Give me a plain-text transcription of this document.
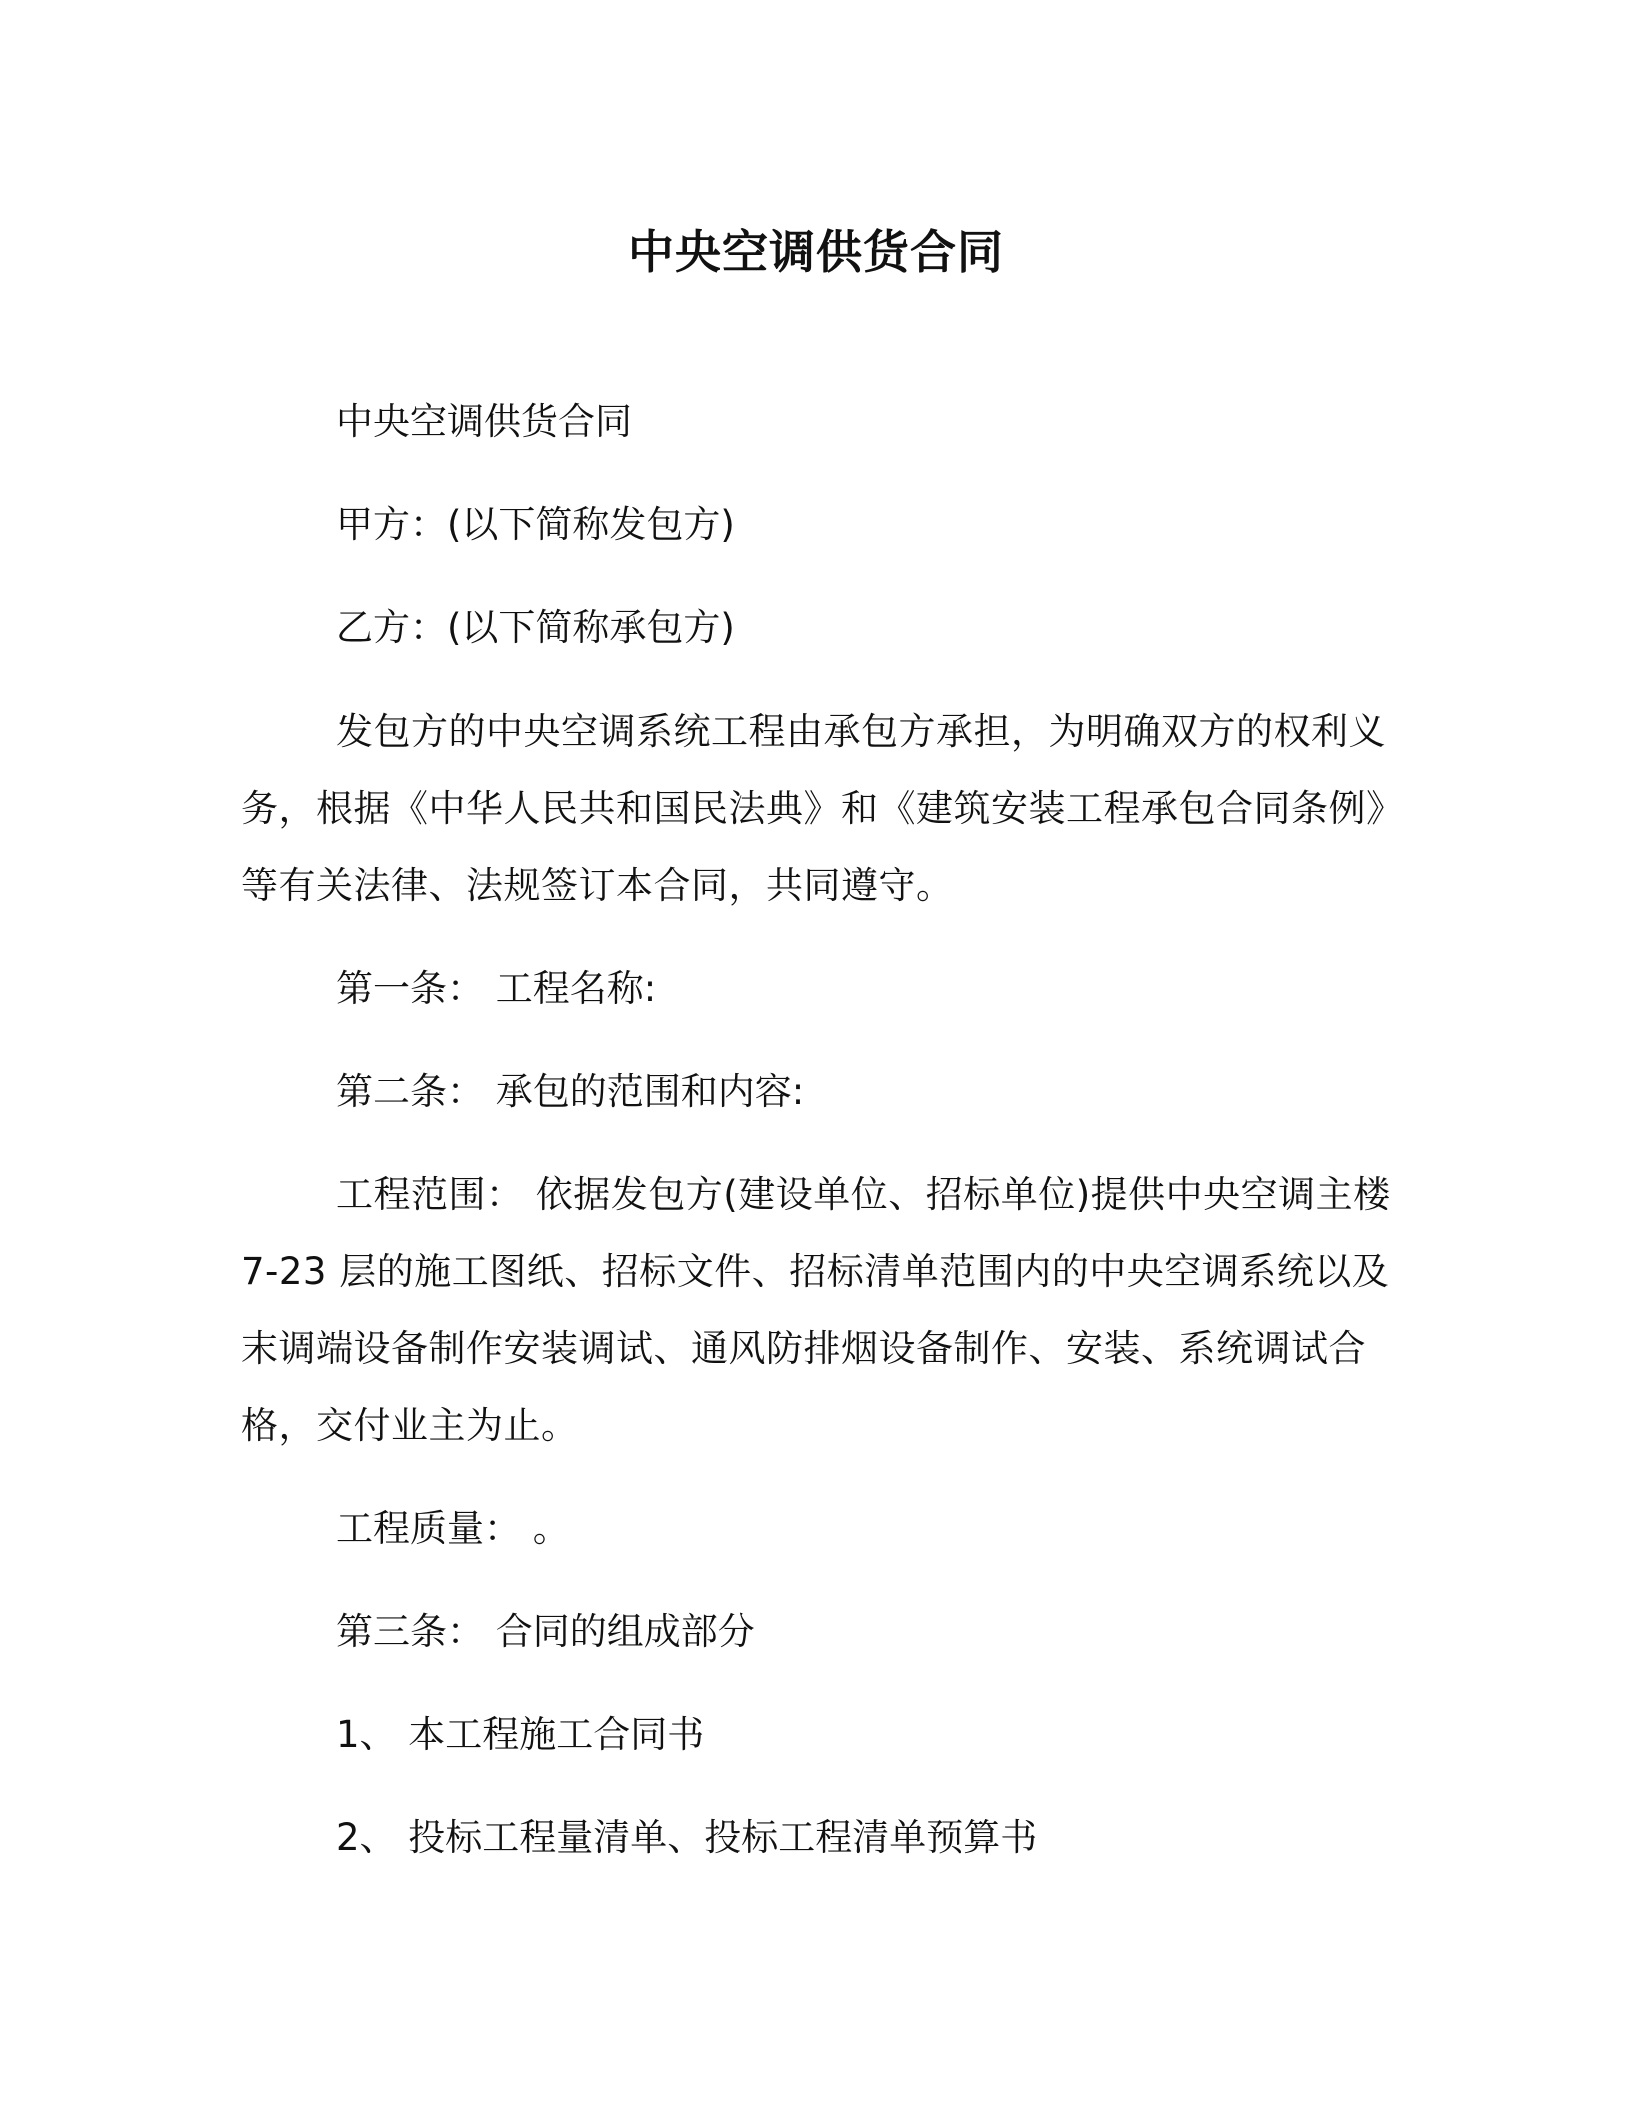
中央空调供货合同
中央空调供货合同
甲方：(以下简称发包方)
乙方：(以下简称承包方)
发包方的中央空调系统工程由承包方承担，为明确双方的权利义
务，根据《中华人民共和国民法典》和《建筑安装工程承包合同条例》
等有关法律、法规签订本合同，共同遵守。
第一条： 工程名称:
第二条： 承包的范围和内容:
工程范围： 依据发包方(建设单位、招标单位)提供中央空调主楼
7-23 层的施工图纸、招标文件、招标清单范围内的中央空调系统以及
末调端设备制作安装调试、通风防排烟设备制作、安装、系统调试合
格，交付业主为止。
工程质量： 。
第三条： 合同的组成部分
1、 本工程施工合同书
2、 投标工程量清单、投标工程清单预算书
